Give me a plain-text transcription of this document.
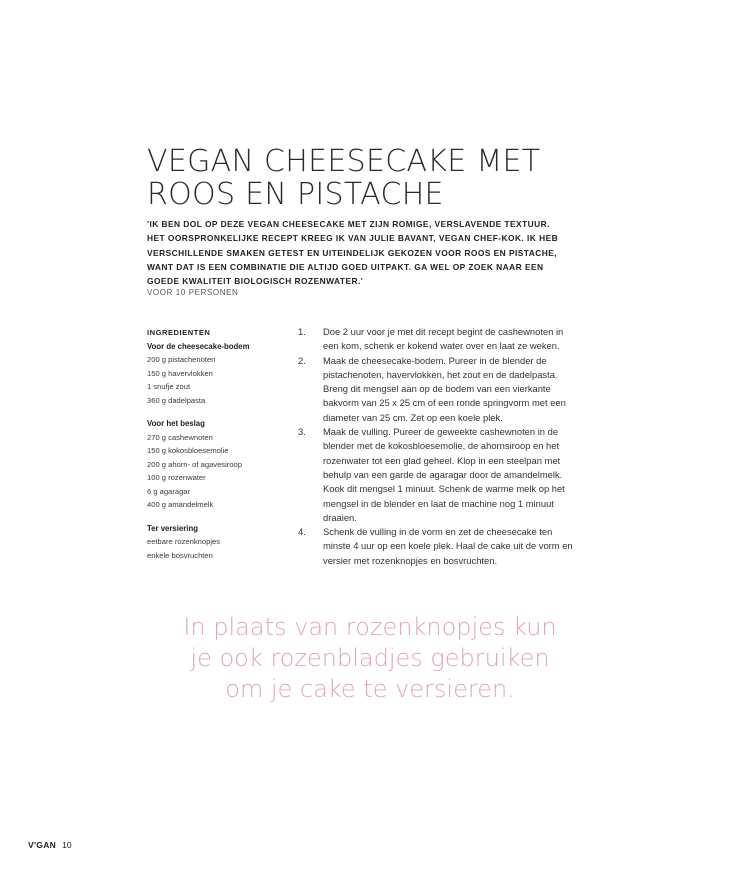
VEGAN CHEESECAKE MET
ROOS EN PISTACHE
'IK BEN DOL OP DEZE VEGAN CHEESECAKE MET ZIJN ROMIGE, VERSLAVENDE TEXTUUR.
HET OORSPRONKELIJKE RECEPT KREEG IK VAN JULIE BAVANT, VEGAN CHEF-KOK. IK HEB
VERSCHILLENDE SMAKEN GETEST EN UITEINDELIJK GEKOZEN VOOR ROOS EN PISTACHE,
WANT DAT IS EEN COMBINATIE DIE ALTIJD GOED UITPAKT. GA WEL OP ZOEK NAAR EEN
GOEDE KWALITEIT BIOLOGISCH ROZENWATER.'
VOOR 10 PERSONEN
INGREDIENTEN
Voor de cheesecake-bodem
200 g pistachenoten
150 g havervlokken
1 snufje zout
360 g dadelpasta
Voor het beslag
270 g cashewnoten
150 g kokosbloesemolie
200 g ahorn- of agavesiroop
100 g rozenwater
6 g agaragar
400 g amandelmelk
Ter versiering
eetbare rozenknopjes
enkele bosvruchten
1.	Doe 2 uur voor je met dit recept begint de cashewnoten in
een kom, schenk er kokend water over en laat ze weken.
2.	Maak de cheesecake-bodem. Pureer in de blender de
pistachenoten, havervlokken, het zout en de dadelpasta.
Breng dit mengsel aan op de bodem van een vierkante
bakvorm van 25 x 25 cm of een ronde springvorm met een
diameter van 25 cm. Zet op een koele plek.
3.	Maak de vulling. Pureer de geweekte cashewnoten in de
blender met de kokosbloesemolie, de ahornsiroop en het
rozenwater tot een glad geheel. Klop in een steelpan met
behulp van een garde de agaragar door de amandelmelk.
Kook dit mengsel 1 minuut. Schenk de warme melk op het
mengsel in de blender en laat de machine nog 1 minuut
draaien.
4.	Schenk de vulling in de vorm en zet de cheesecake ten
minste 4 uur op een koele plek. Haal de cake uit de vorm en
versier met rozenknopjes en bosvruchten.
In plaats van rozenknopjes kun
je ook rozenbladjes gebruiken
om je cake te versieren.
V'GAN 10
